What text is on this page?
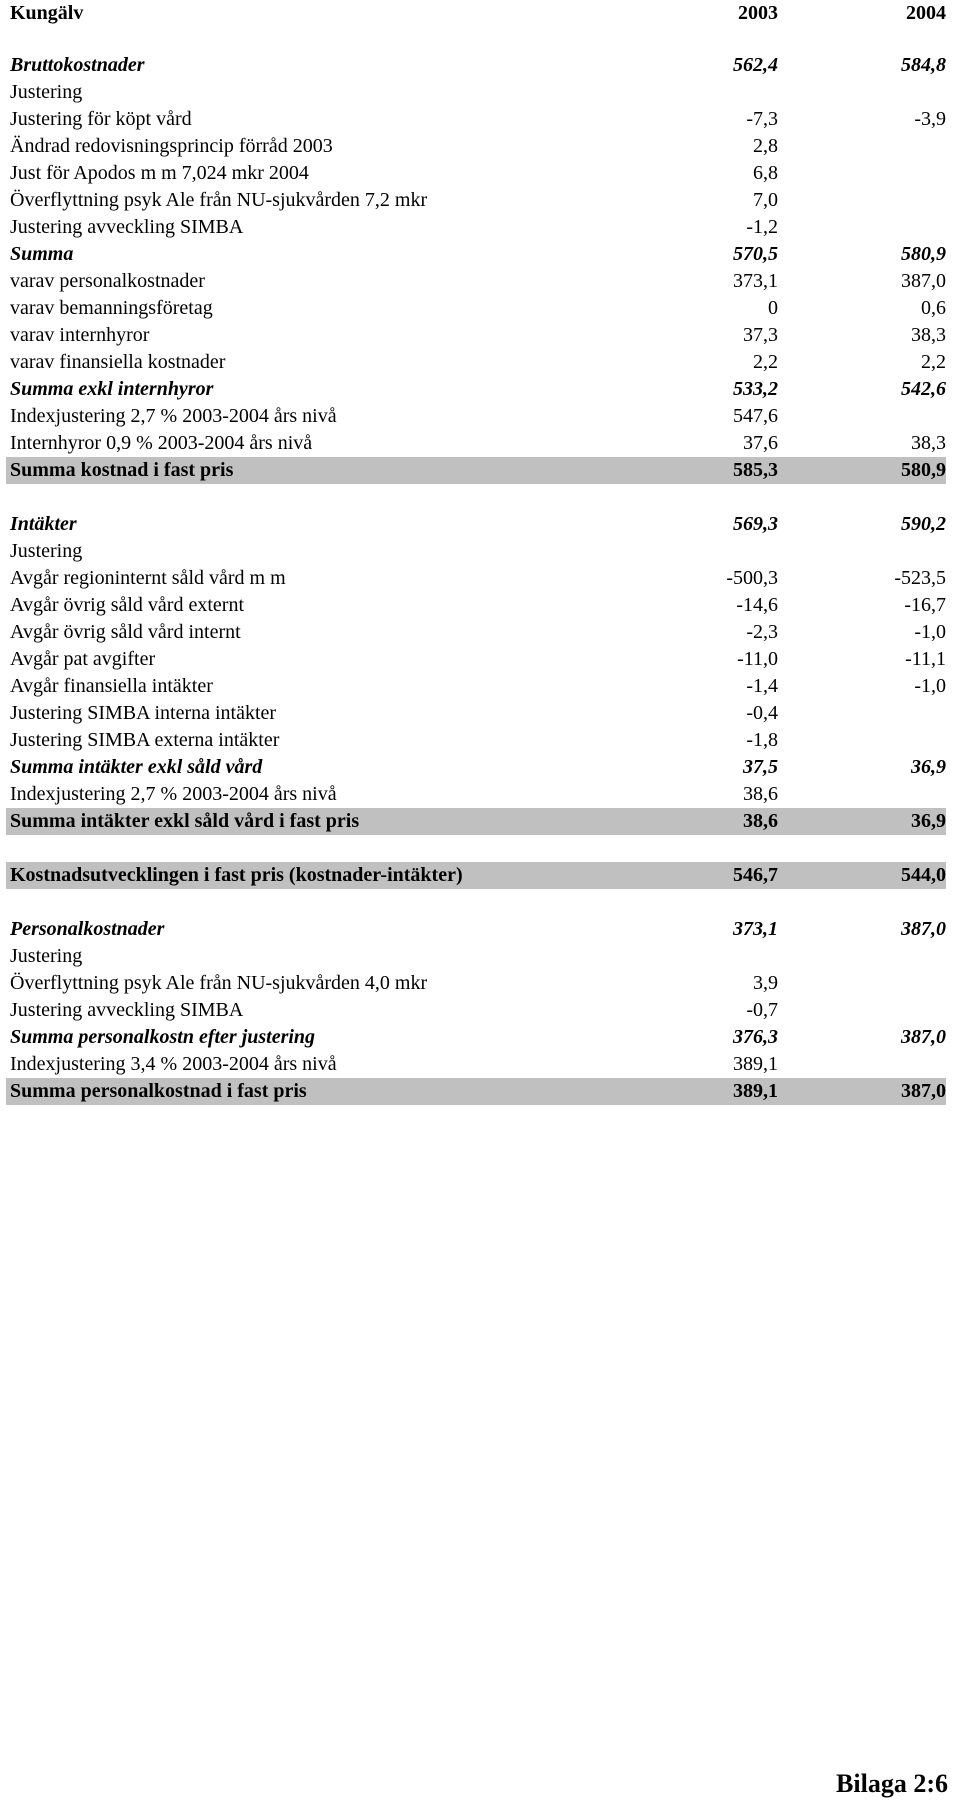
Kungälv	2003	2004
Bruttokostnader	562,4	584,8
Justering
Justering för köpt vård	-7,3	-3,9
Ändrad redovisningsprincip förråd 2003	2,8
Just för Apodos m m 7,024 mkr 2004	6,8
Överflyttning psyk Ale från NU-sjukvården 7,2 mkr	7,0
Justering avveckling SIMBA	-1,2
Summa	570,5	580,9
varav personalkostnader	373,1	387,0
varav bemanningsföretag	0	0,6
varav internhyror	37,3	38,3
varav finansiella kostnader	2,2	2,2
Summa exkl internhyror	533,2	542,6
Indexjustering 2,7 % 2003-2004 års nivå	547,6
Internhyror 0,9 % 2003-2004 års nivå	37,6	38,3
Summa kostnad i fast pris	585,3	580,9
Intäkter	569,3	590,2
Justering
Avgår regioninternt såld vård m m	-500,3	-523,5
Avgår övrig såld vård externt	-14,6	-16,7
Avgår övrig såld vård internt	-2,3	-1,0
Avgår pat avgifter	-11,0	-11,1
Avgår finansiella intäkter	-1,4	-1,0
Justering SIMBA interna intäkter	-0,4
Justering SIMBA externa intäkter	-1,8
Summa intäkter exkl såld vård	37,5	36,9
Indexjustering 2,7 % 2003-2004 års nivå	38,6
Summa intäkter exkl såld vård i fast pris	38,6	36,9
Kostnadsutvecklingen i fast pris (kostnader-intäkter)	546,7	544,0
Personalkostnader	373,1	387,0
Justering
Överflyttning psyk Ale från NU-sjukvården 4,0 mkr	3,9
Justering avveckling SIMBA	-0,7
Summa personalkostn efter justering	376,3	387,0
Indexjustering 3,4 % 2003-2004 års nivå	389,1
Summa personalkostnad i fast pris	389,1	387,0
Bilaga 2:6
